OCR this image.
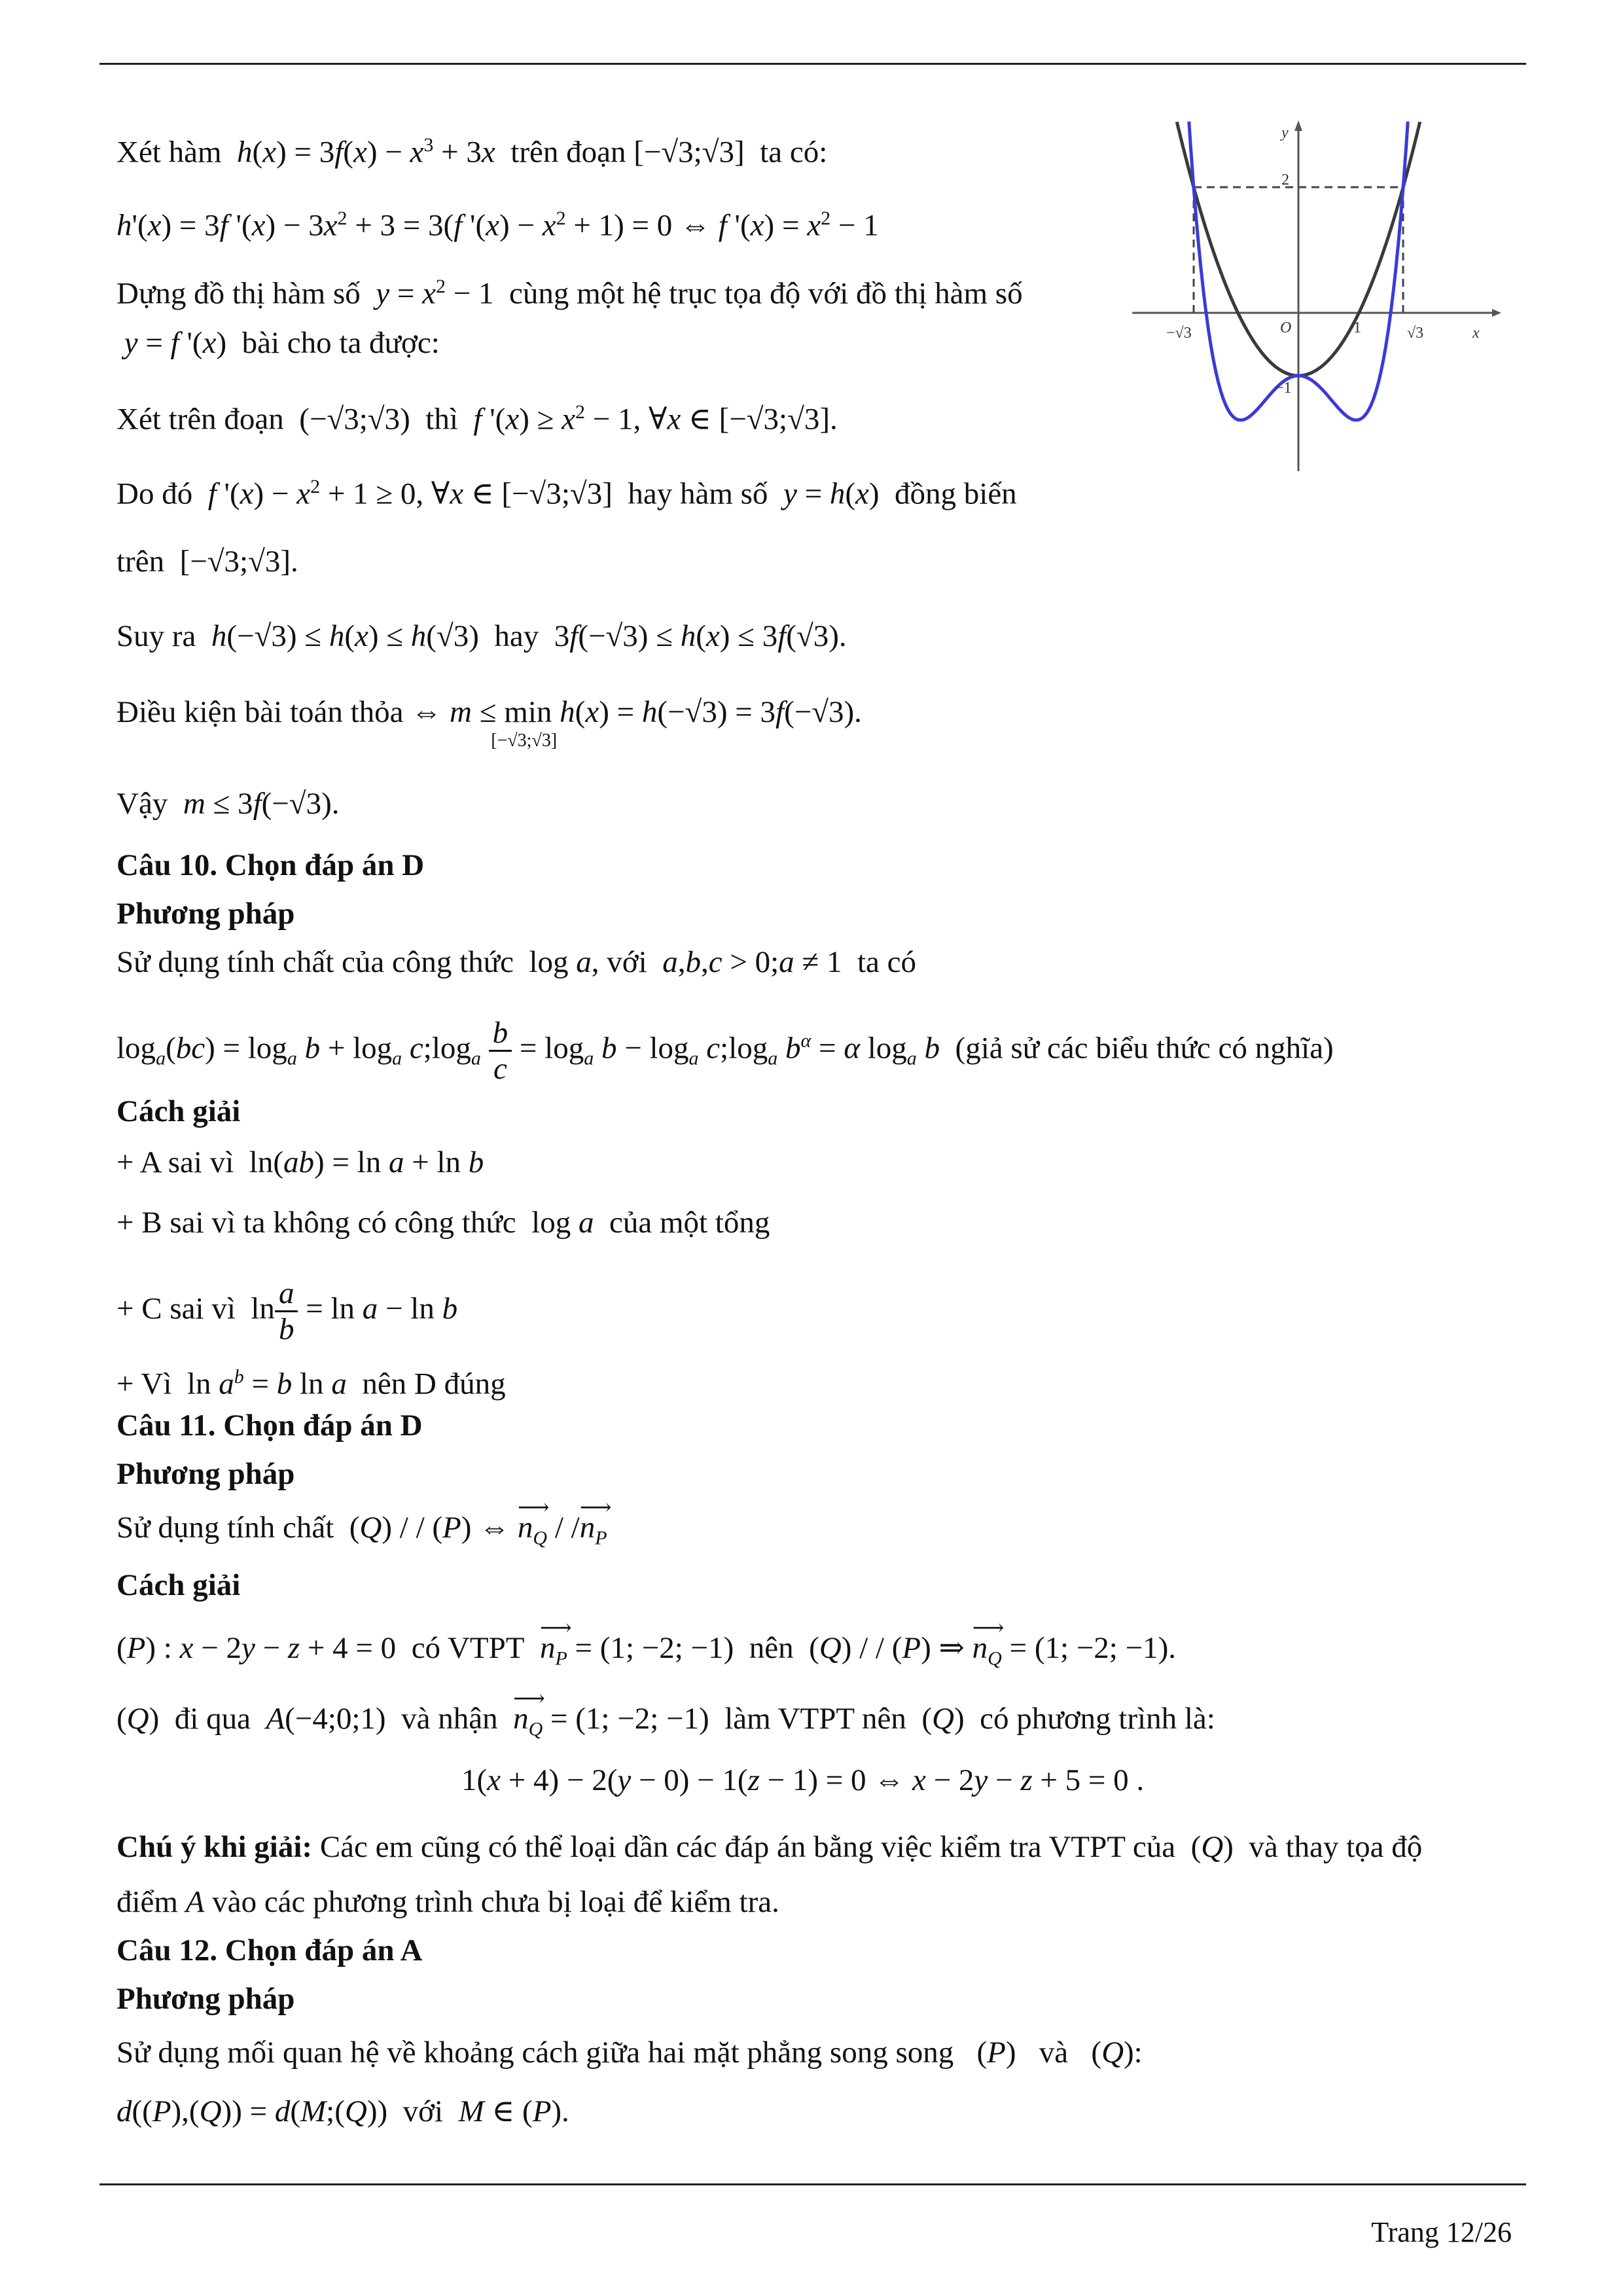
Xét hàm  $h(x) = 3f(x) - x^3 + 3x$ trên đoạn [−√3;√3]  ta có:
h'(x) = 3f '$(x) - 3x^2 + 3 = 3(f$ '$(x) - x^2 + 1) = 0$ ⇔ f '$(x) = x^2 - 1$
Dựng đồ thị hàm số $y = x^2 - 1$  cùng một hệ trục tọa độ với đồ thị hàm số
y = f '(x)  bài cho ta được:
Xét trên đoạn  (−√3;√3)  thì f '$(x) \ge x^2 - 1$, ∀x ∈ [−√3;√3].
Do đó f '$(x) - x^2 + 1 \ge 0$, ∀x ∈ [−√3;√3]  hay hàm số y = h(x)  đồng biến
trên  [−√3;√3].
Suy ra h(−√3) ≤ h(x) ≤ h(√3)  hay  3f(−√3) ≤ h(x) ≤ 3f(√3).
Điều kiện bài toán thỏa ⇔ m ≤ min
[−√3;√3]
h(x) = h(−√3) = 3f(−√3).
Vậy m ≤ 3f(−√3).
Câu 10. Chọn đáp án D
Phương pháp
Sử dụng tính chất của công thức  log a, với a,b,c > 0;a ≠ 1  ta có
$\log_a(bc) = \log_a b + \log_a$ $c;\log_a \frac{b}{c} = \log_a b - \log_a$ $c;\log_a$ $b^\alpha = \alpha$ $\log_a b$ (giả sử các biểu thức có nghĩa)
Cách giải
+ A sai vì  ln(ab) = ln a + ln b
+ B sai vì ta không có công thức  log a của một tổng
+ C sai vì  $\ln \frac{a}{b} = \ln a - \ln b$
+ Vì  $\ln a^b = b$ ln a nên D đúng
Câu 11. Chọn đáp án D
Phương pháp
Sử dụng tính chất  (Q) / / (P) ⇔ ⟶ $n_Q$ / /⟶ $n_P$
Cách giải
(P) : x − 2y − z + 4 = 0  có VTPT ⟶ $n_P = (1$; −2; −1)  nên  (Q) / / (P) ⇒ ⟶ $n_Q = (1$; −2; −1).
(Q)  đi qua A(−4;0;1)  và nhận ⟶ $n_Q = (1$; −2; −1)  làm VTPT nên  (Q)  có phương trình là:
1(x + 4) − 2(y − 0) − 1(z − 1) = 0 ⇔ x − 2y − z + 5 = 0 .
Chú ý khi giải: Các em cũng có thể loại dần các đáp án bằng việc kiểm tra VTPT của  (Q)  và thay tọa độ
điểm A vào các phương trình chưa bị loại để kiểm tra.
Câu 12. Chọn đáp án A
Phương pháp
Sử dụng mối quan hệ về khoảng cách giữa hai mặt phẳng song song   (P)   và   (Q):
d((P),(Q)) = d(M;(Q))  với M ∈ (P).
Trang 12/26
y
x
O
2
1
−1
−√3	√3
